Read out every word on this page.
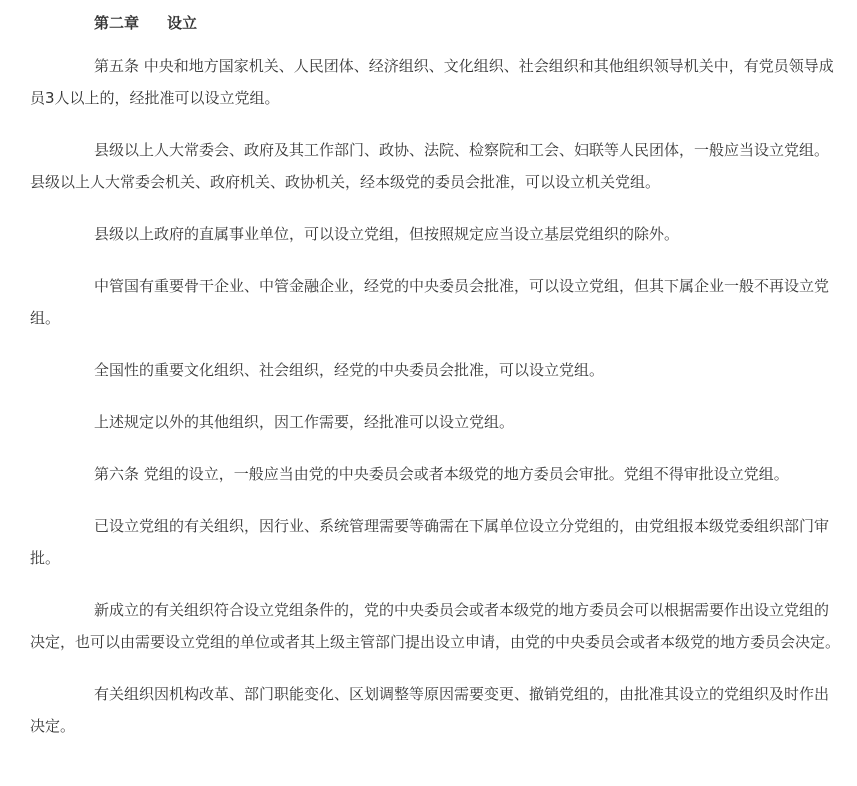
第二章 设立

第五条 中央和地方国家机关、人民团体、经济组织、文化组织、社会组织和其他组织领导机关中，有党员领导成员3人以上的，经批准可以设立党组。

县级以上人大常委会、政府及其工作部门、政协、法院、检察院和工会、妇联等人民团体，一般应当设立党组。县级以上人大常委会机关、政府机关、政协机关，经本级党的委员会批准，可以设立机关党组。

县级以上政府的直属事业单位，可以设立党组，但按照规定应当设立基层党组织的除外。

中管国有重要骨干企业、中管金融企业，经党的中央委员会批准，可以设立党组，但其下属企业一般不再设立党组。

全国性的重要文化组织、社会组织，经党的中央委员会批准，可以设立党组。

上述规定以外的其他组织，因工作需要，经批准可以设立党组。

第六条 党组的设立，一般应当由党的中央委员会或者本级党的地方委员会审批。党组不得审批设立党组。

已设立党组的有关组织，因行业、系统管理需要等确需在下属单位设立分党组的，由党组报本级党委组织部门审批。

新成立的有关组织符合设立党组条件的，党的中央委员会或者本级党的地方委员会可以根据需要作出设立党组的决定，也可以由需要设立党组的单位或者其上级主管部门提出设立申请，由党的中央委员会或者本级党的地方委员会决定。

有关组织因机构改革、部门职能变化、区划调整等原因需要变更、撤销党组的，由批准其设立的党组织及时作出决定。
